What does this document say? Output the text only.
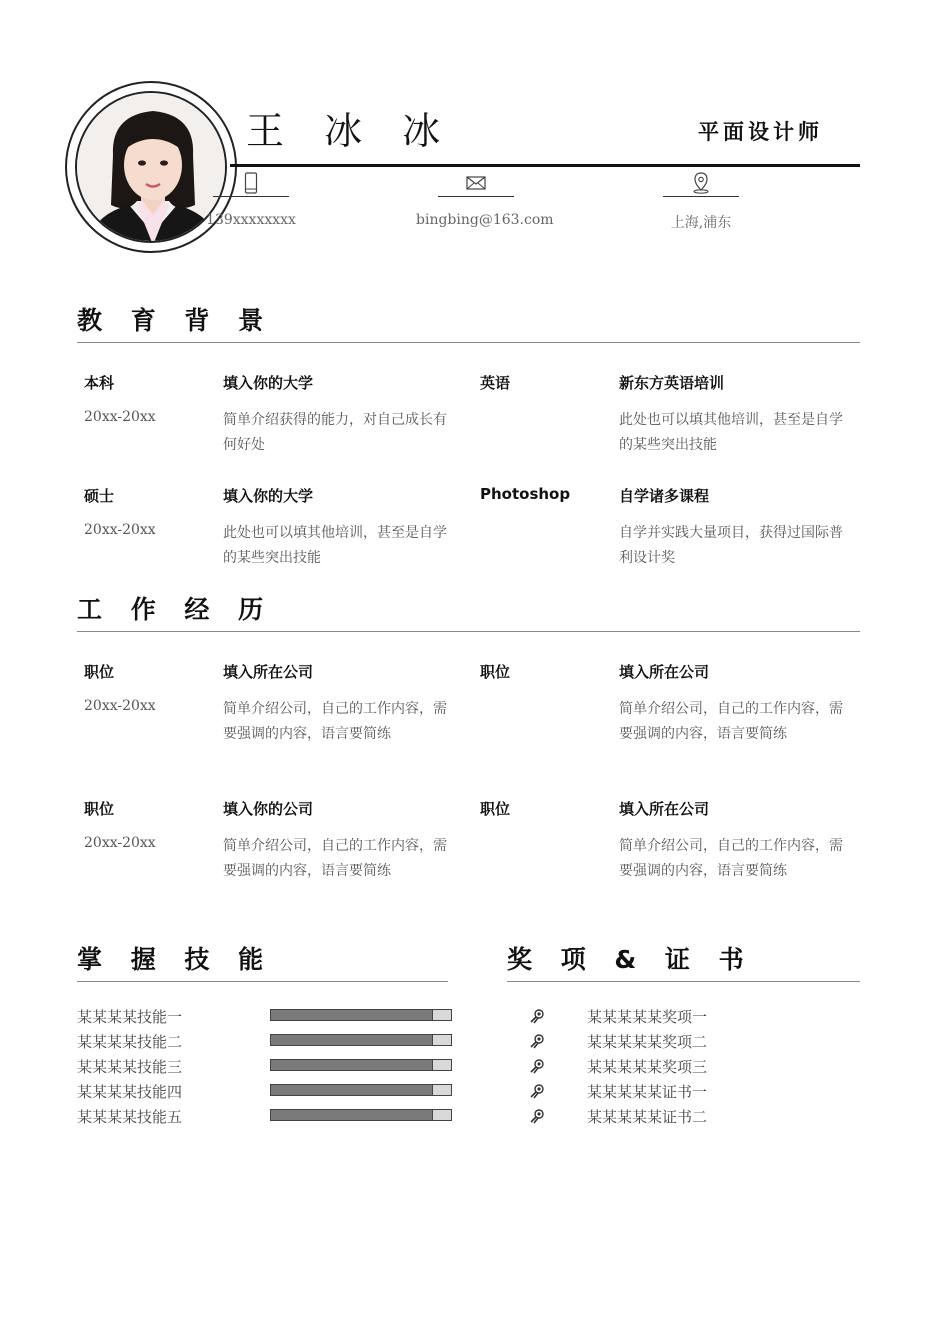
王 冰 冰	平面设计师
139xxxxxxxx	bingbing@163.com	上海,浦东
教 育 背 景
本科	填入你的大学
20xx-20xx	简单介绍获得的能力，对自己成长有何好处
英语	新东方英语培训
此处也可以填其他培训，甚至是自学的某些突出技能
硕士	填入你的大学
20xx-20xx	此处也可以填其他培训，甚至是自学的某些突出技能
Photoshop	自学诸多课程
自学并实践大量项目，获得过国际普利设计奖
工 作 经 历
职位	填入所在公司
20xx-20xx	简单介绍公司，自己的工作内容，需要强调的内容，语言要简练
职位	填入所在公司
简单介绍公司，自己的工作内容，需要强调的内容，语言要简练
职位	填入你的公司
20xx-20xx	简单介绍公司，自己的工作内容，需要强调的内容，语言要简练
职位	填入所在公司
简单介绍公司，自己的工作内容，需要强调的内容，语言要简练
掌 握 技 能
某某某某技能一
某某某某技能二
某某某某技能三
某某某某技能四
某某某某技能五
奖 项 & 证 书
某某某某某奖项一
某某某某某奖项二
某某某某某奖项三
某某某某某证书一
某某某某某证书二
